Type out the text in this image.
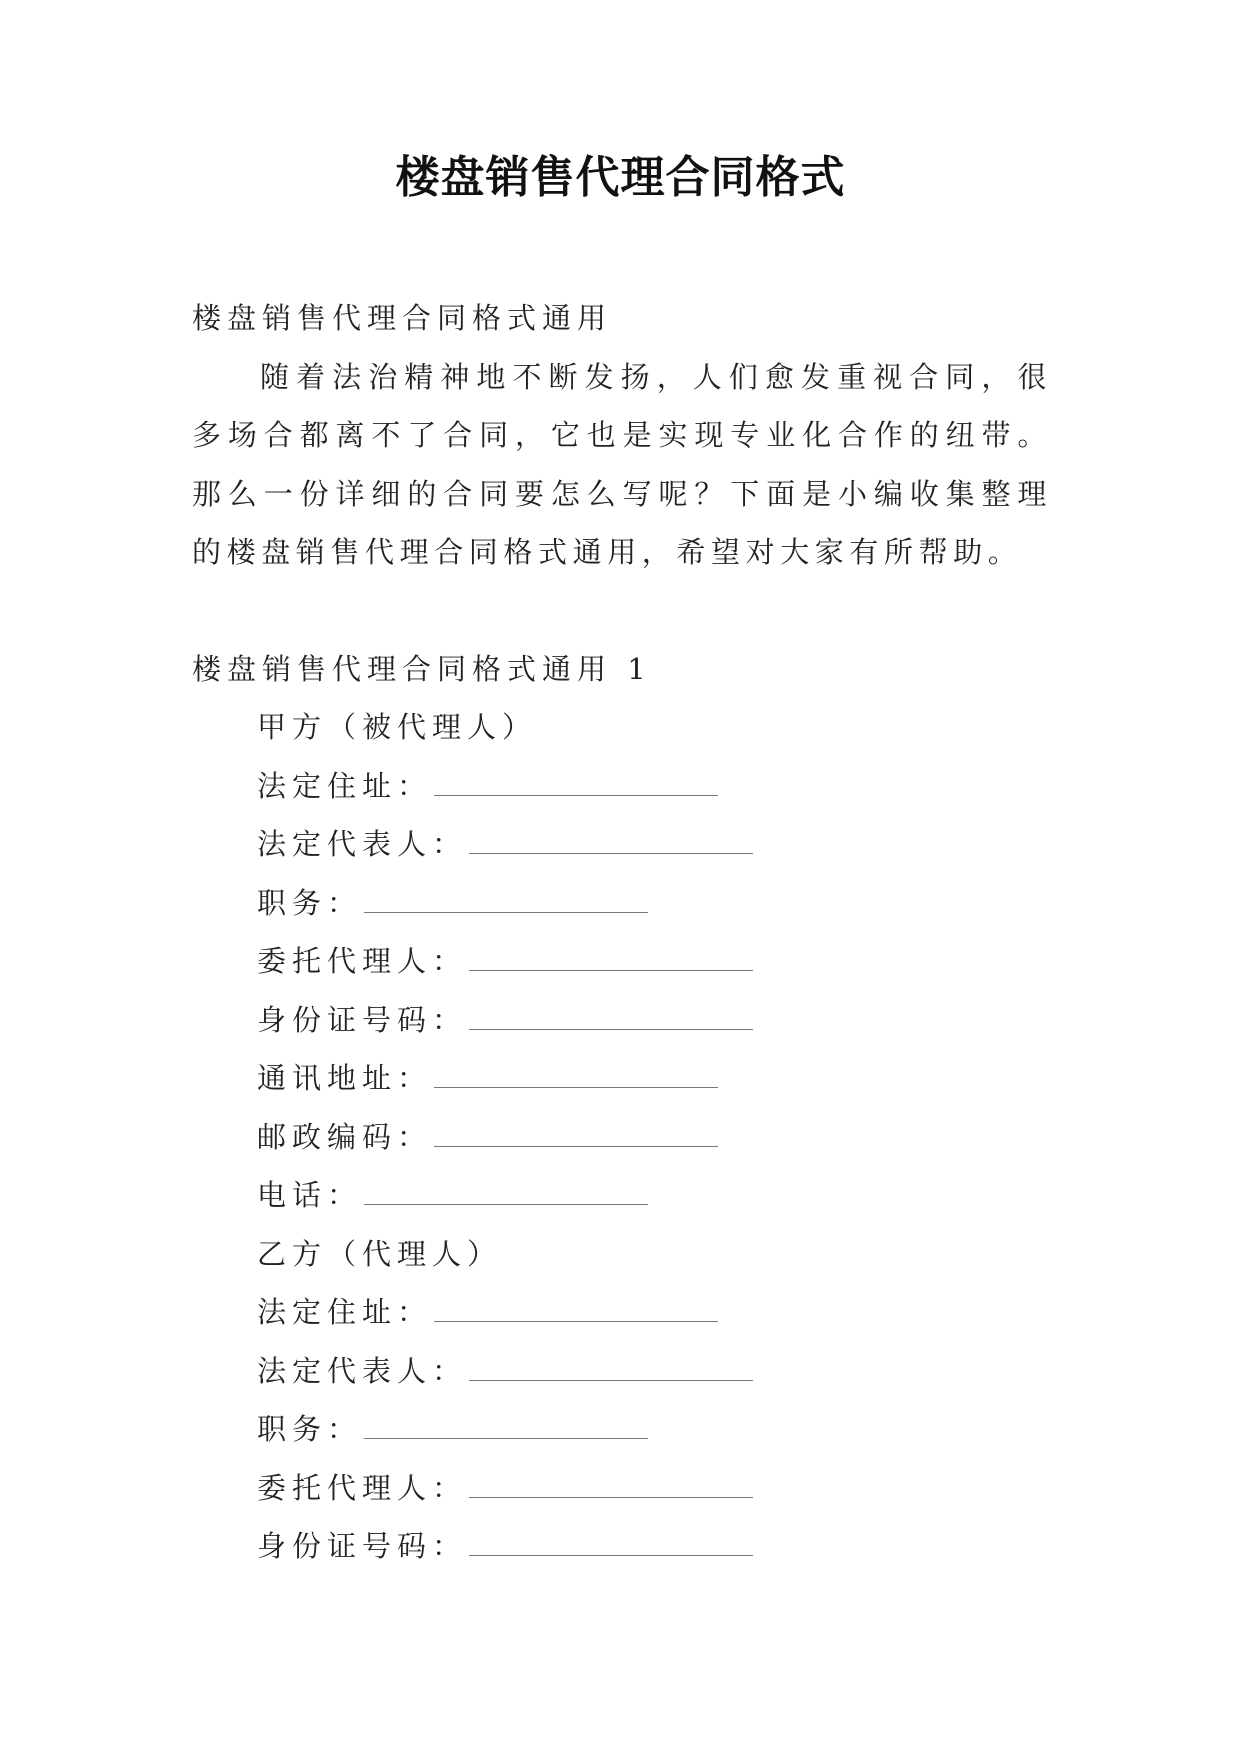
楼盘销售代理合同格式
楼盘销售代理合同格式通用
随着法治精神地不断发扬，人们愈发重视合同，很多场合都离不了合同，它也是实现专业化合作的纽带。那么一份详细的合同要怎么写呢？下面是小编收集整理的楼盘销售代理合同格式通用，希望对大家有所帮助。
楼盘销售代理合同格式通用 1
甲方（被代理人）
法定住址：
法定代表人：
职务：
委托代理人：
身份证号码：
通讯地址：
邮政编码：
电话：
乙方（代理人）
法定住址：
法定代表人：
职务：
委托代理人：
身份证号码：
